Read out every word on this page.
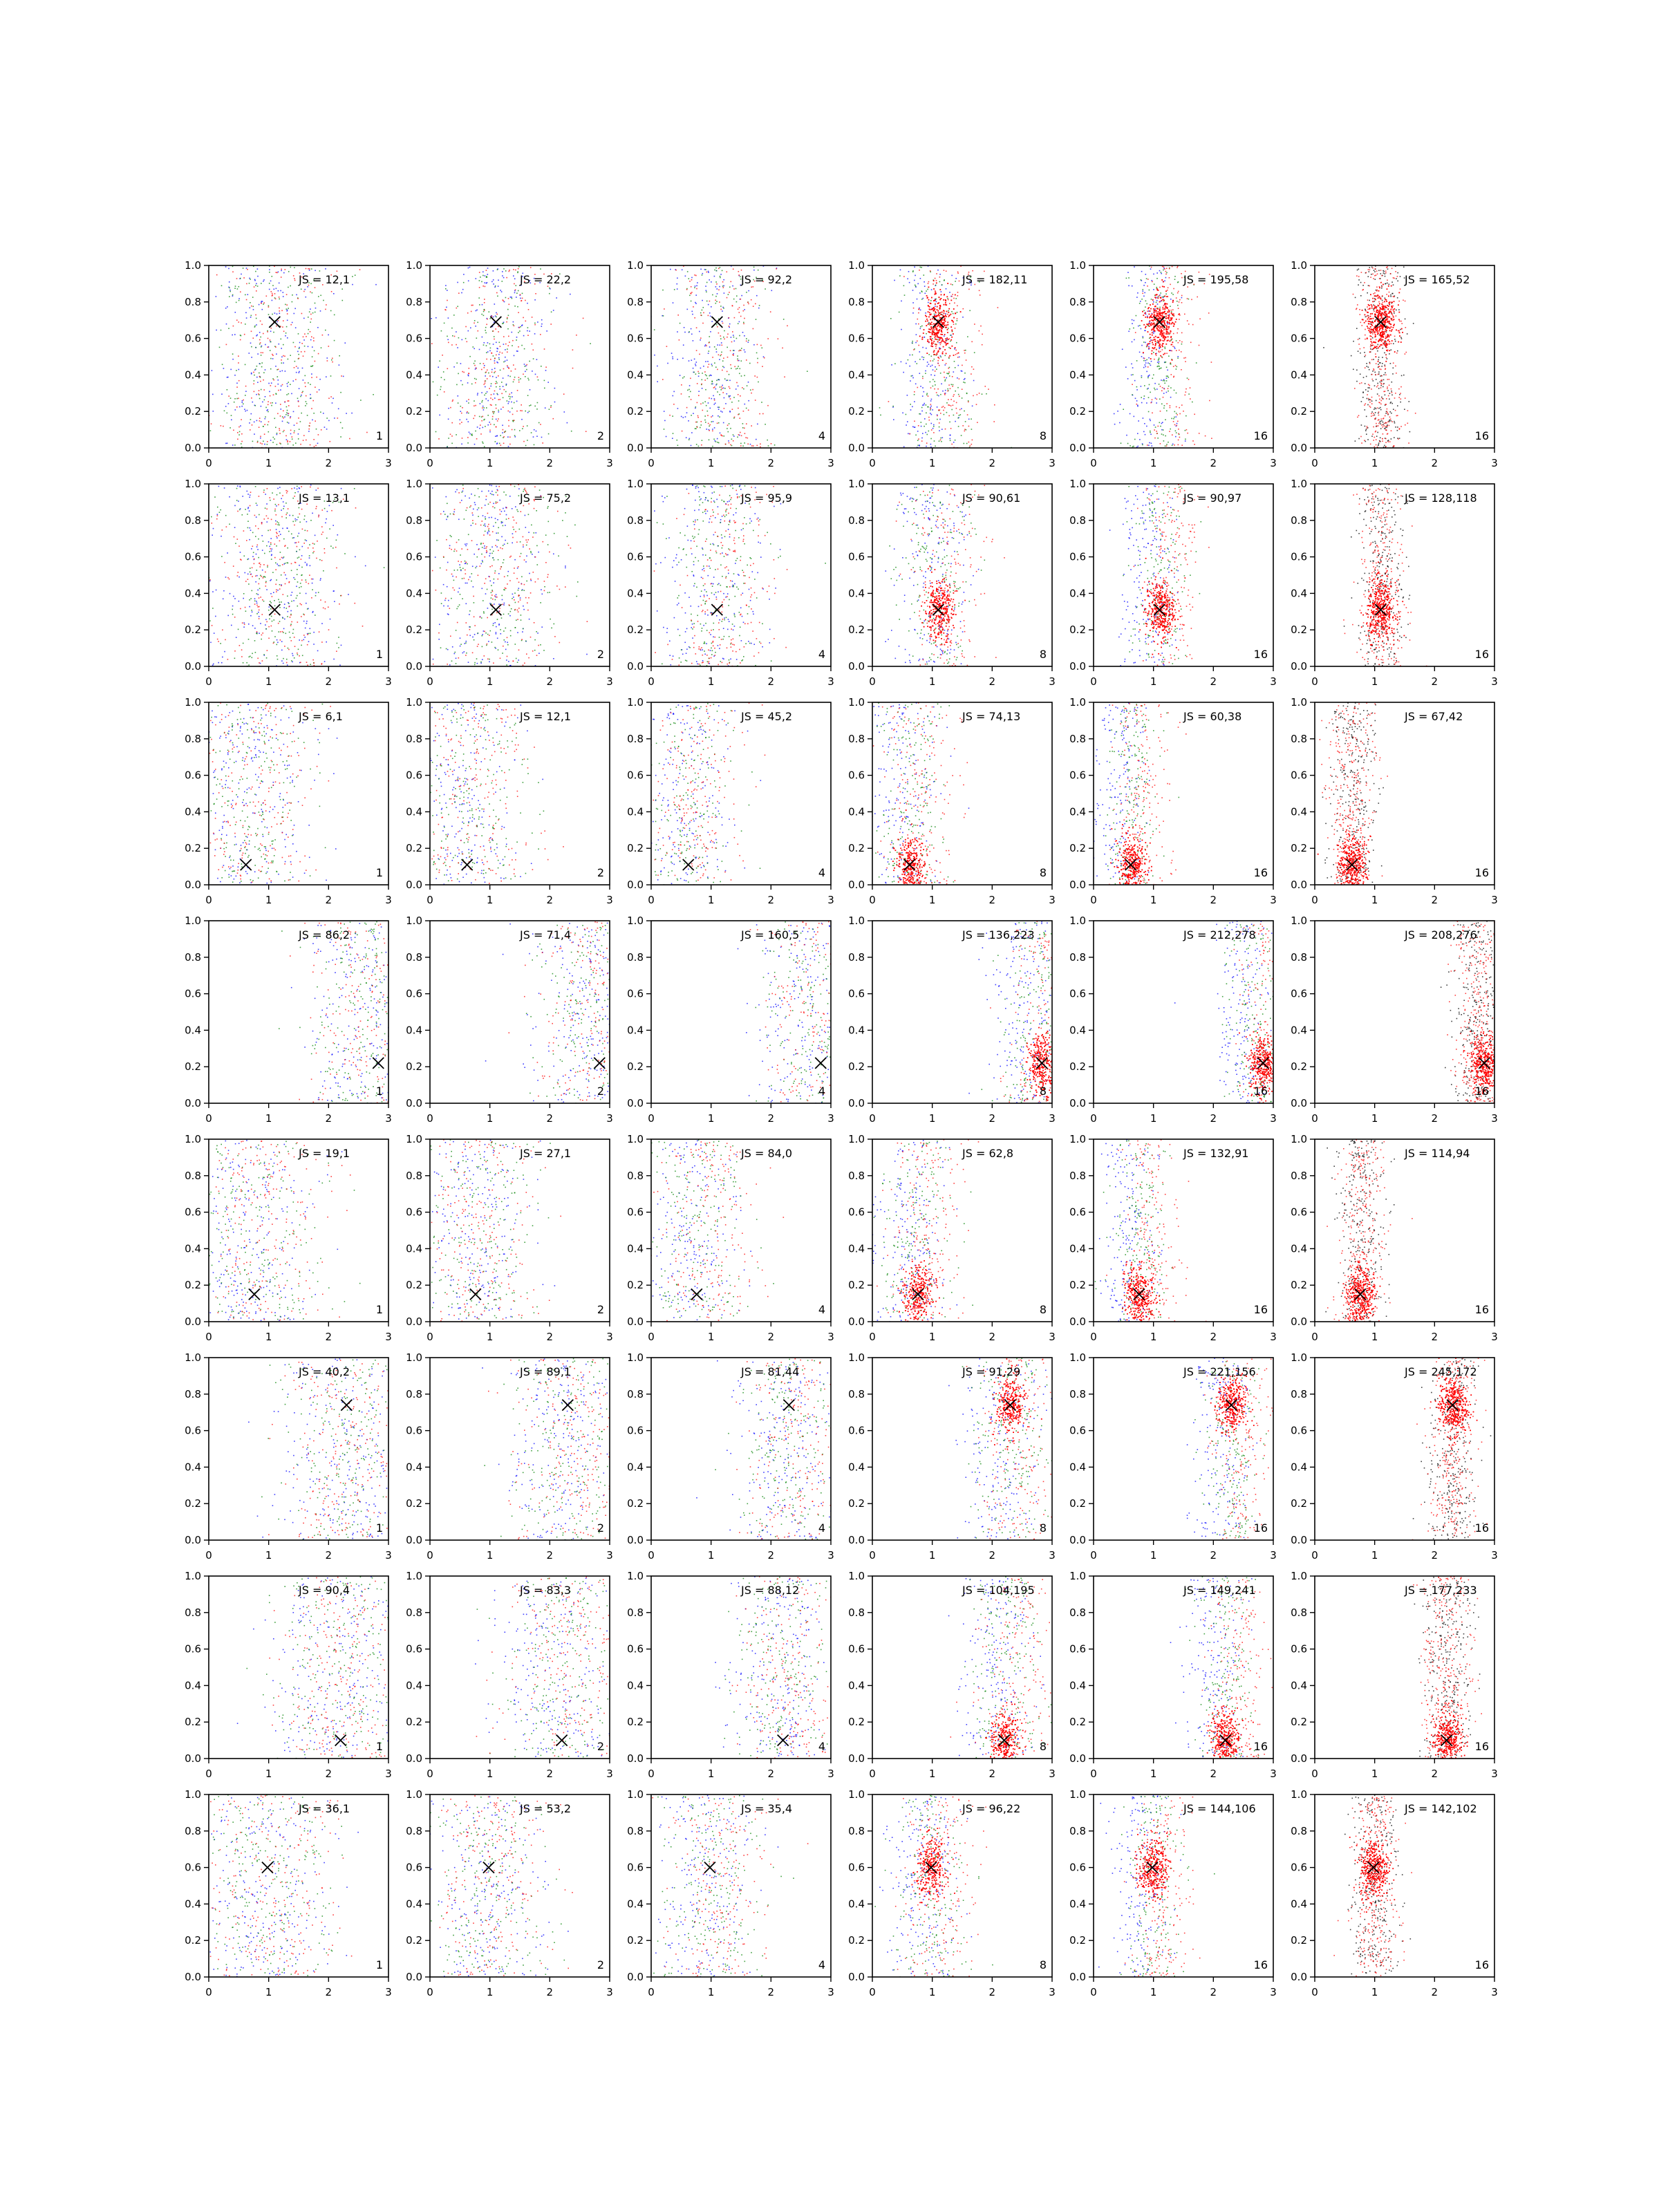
0	1	2	3
0.0
0.2
0.4
0.6
0.8
1.0
JS = 12,1
1
0	1	2	3
0.0
0.2
0.4
0.6
0.8
1.0
JS = 22,2
2
0	1	2	3
0.0
0.2
0.4
0.6
0.8
1.0
JS = 92,2
4
0	1	2	3
0.0
0.2
0.4
0.6
0.8
1.0
JS = 182,11
8
0	1	2	3
0.0
0.2
0.4
0.6
0.8
1.0
JS = 195,58
16
0	1	2	3
0.0
0.2
0.4
0.6
0.8
1.0
JS = 165,52
16
0	1	2	3
0.0
0.2
0.4
0.6
0.8
1.0
JS = 13,1
1
0	1	2	3
0.0
0.2
0.4
0.6
0.8
1.0
JS = 75,2
2
0	1	2	3
0.0
0.2
0.4
0.6
0.8
1.0
JS = 95,9
4
0	1	2	3
0.0
0.2
0.4
0.6
0.8
1.0
JS = 90,61
8
0	1	2	3
0.0
0.2
0.4
0.6
0.8
1.0
JS = 90,97
16
0	1	2	3
0.0
0.2
0.4
0.6
0.8
1.0
JS = 128,118
16
0	1	2	3
0.0
0.2
0.4
0.6
0.8
1.0
JS = 6,1
1
0	1	2	3
0.0
0.2
0.4
0.6
0.8
1.0
JS = 12,1
2
0	1	2	3
0.0
0.2
0.4
0.6
0.8
1.0
JS = 45,2
4
0	1	2	3
0.0
0.2
0.4
0.6
0.8
1.0
JS = 74,13
8
0	1	2	3
0.0
0.2
0.4
0.6
0.8
1.0
JS = 60,38
16
0	1	2	3
0.0
0.2
0.4
0.6
0.8
1.0
JS = 67,42
16
0	1	2	3
0.0
0.2
0.4
0.6
0.8
1.0
JS = 86,2
1
0	1	2	3
0.0
0.2
0.4
0.6
0.8
1.0
JS = 71,4
2
0	1	2	3
0.0
0.2
0.4
0.6
0.8
1.0
JS = 160,5
4
0	1	2	3
0.0
0.2
0.4
0.6
0.8
1.0
JS = 136,223
8
0	1	2	3
0.0
0.2
0.4
0.6
0.8
1.0
JS = 212,278
16
0	1	2	3
0.0
0.2
0.4
0.6
0.8
1.0
JS = 208,276
16
0	1	2	3
0.0
0.2
0.4
0.6
0.8
1.0
JS = 19,1
1
0	1	2	3
0.0
0.2
0.4
0.6
0.8
1.0
JS = 27,1
2
0	1	2	3
0.0
0.2
0.4
0.6
0.8
1.0
JS = 84,0
4
0	1	2	3
0.0
0.2
0.4
0.6
0.8
1.0
JS = 62,8
8
0	1	2	3
0.0
0.2
0.4
0.6
0.8
1.0
JS = 132,91
16
0	1	2	3
0.0
0.2
0.4
0.6
0.8
1.0
JS = 114,94
16
0	1	2	3
0.0
0.2
0.4
0.6
0.8
1.0
JS = 40,2
1
0	1	2	3
0.0
0.2
0.4
0.6
0.8
1.0
JS = 89,1
2
0	1	2	3
0.0
0.2
0.4
0.6
0.8
1.0
JS = 81,44
4
0	1	2	3
0.0
0.2
0.4
0.6
0.8
1.0
JS = 91,29
8
0	1	2	3
0.0
0.2
0.4
0.6
0.8
1.0
JS = 221,156
16
0	1	2	3
0.0
0.2
0.4
0.6
0.8
1.0
JS = 245,172
16
0	1	2	3
0.0
0.2
0.4
0.6
0.8
1.0
JS = 90,4
1
0	1	2	3
0.0
0.2
0.4
0.6
0.8
1.0
JS = 83,3
2
0	1	2	3
0.0
0.2
0.4
0.6
0.8
1.0
JS = 88,12
4
0	1	2	3
0.0
0.2
0.4
0.6
0.8
1.0
JS = 104,195
8
0	1	2	3
0.0
0.2
0.4
0.6
0.8
1.0
JS = 149,241
16
0	1	2	3
0.0
0.2
0.4
0.6
0.8
1.0
JS = 177,233
16
0	1	2	3
0.0
0.2
0.4
0.6
0.8
1.0
JS = 36,1
1
0	1	2	3
0.0
0.2
0.4
0.6
0.8
1.0
JS = 53,2
2
0	1	2	3
0.0
0.2
0.4
0.6
0.8
1.0
JS = 35,4
4
0	1	2	3
0.0
0.2
0.4
0.6
0.8
1.0
JS = 96,22
8
0	1	2	3
0.0
0.2
0.4
0.6
0.8
1.0
JS = 144,106
16
0	1	2	3
0.0
0.2
0.4
0.6
0.8
1.0
JS = 142,102
16
